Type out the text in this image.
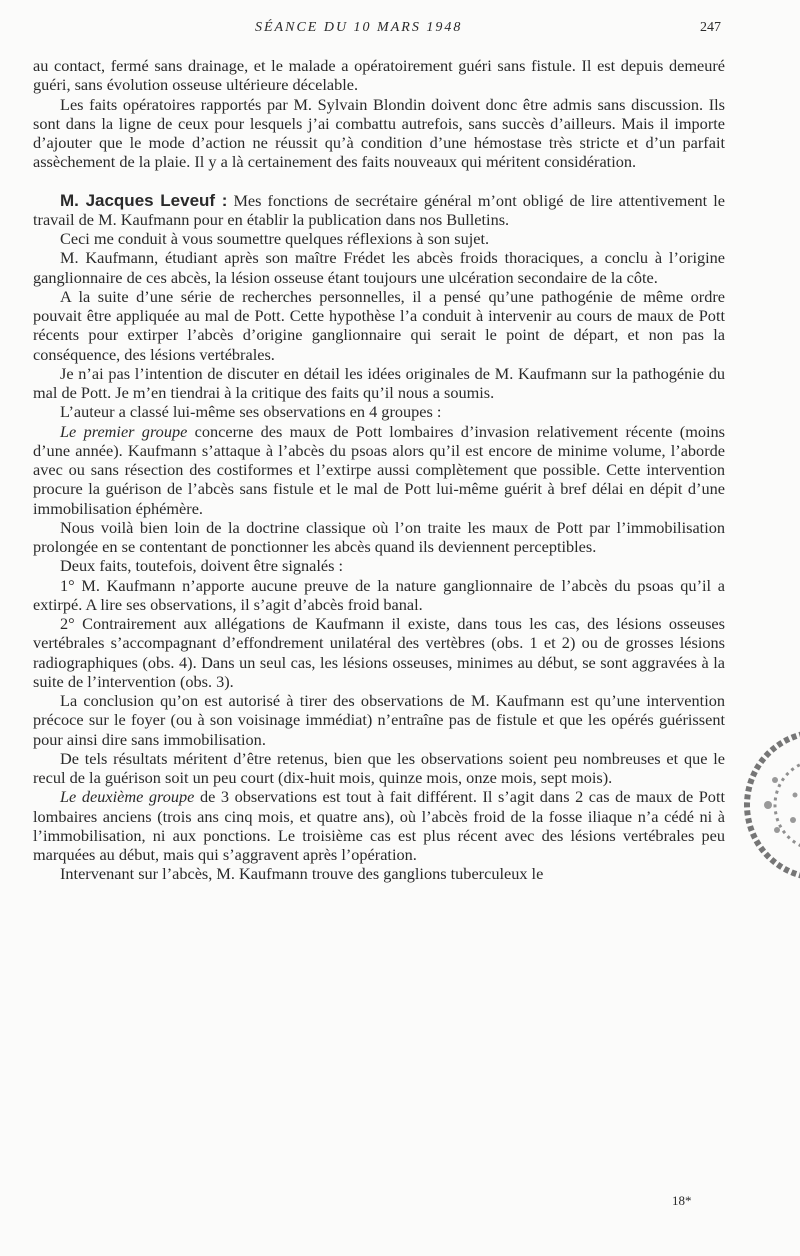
SÉANCE DU 10 MARS 1948	247

au contact, fermé sans drainage, et le malade a opératoirement guéri sans fistule. Il est depuis demeuré guéri, sans évolution osseuse ultérieure décelable.

Les faits opératoires rapportés par M. Sylvain Blondin doivent donc être admis sans discussion. Ils sont dans la ligne de ceux pour lesquels j’ai combattu autrefois, sans succès d’ailleurs. Mais il importe d’ajouter que le mode d’action ne réussit qu’à condition d’une hémostase très stricte et d’un parfait assèchement de la plaie. Il y a là certainement des faits nouveaux qui méritent considération.

M. Jacques Leveuf : Mes fonctions de secrétaire général m’ont obligé de lire attentivement le travail de M. Kaufmann pour en établir la publication dans nos Bulletins.

Ceci me conduit à vous soumettre quelques réflexions à son sujet.

M. Kaufmann, étudiant après son maître Frédet les abcès froids thoraciques, a conclu à l’origine ganglionnaire de ces abcès, la lésion osseuse étant toujours une ulcération secondaire de la côte.

A la suite d’une série de recherches personnelles, il a pensé qu’une pathogénie de même ordre pouvait être appliquée au mal de Pott. Cette hypothèse l’a conduit à intervenir au cours de maux de Pott récents pour extirper l’abcès d’origine ganglionnaire qui serait le point de départ, et non pas la conséquence, des lésions vertébrales.

Je n’ai pas l’intention de discuter en détail les idées originales de M. Kaufmann sur la pathogénie du mal de Pott. Je m’en tiendrai à la critique des faits qu’il nous a soumis.

L’auteur a classé lui-même ses observations en 4 groupes :

Le premier groupe concerne des maux de Pott lombaires d’invasion relativement récente (moins d’une année). Kaufmann s’attaque à l’abcès du psoas alors qu’il est encore de minime volume, l’aborde avec ou sans résection des costiformes et l’extirpe aussi complètement que possible. Cette intervention procure la guérison de l’abcès sans fistule et le mal de Pott lui-même guérit à bref délai en dépit d’une immobilisation éphémère.

Nous voilà bien loin de la doctrine classique où l’on traite les maux de Pott par l’immobilisation prolongée en se contentant de ponctionner les abcès quand ils deviennent perceptibles.

Deux faits, toutefois, doivent être signalés :

1° M. Kaufmann n’apporte aucune preuve de la nature ganglionnaire de l’abcès du psoas qu’il a extirpé. A lire ses observations, il s’agit d’abcès froid banal.

2° Contrairement aux allégations de Kaufmann il existe, dans tous les cas, des lésions osseuses vertébrales s’accompagnant d’effondrement unilatéral des vertèbres (obs. 1 et 2) ou de grosses lésions radiographiques (obs. 4). Dans un seul cas, les lésions osseuses, minimes au début, se sont aggravées à la suite de l’intervention (obs. 3).

La conclusion qu’on est autorisé à tirer des observations de M. Kaufmann est qu’une intervention précoce sur le foyer (ou à son voisinage immédiat) n’entraîne pas de fistule et que les opérés guérissent pour ainsi dire sans immobilisation.

De tels résultats méritent d’être retenus, bien que les observations soient peu nombreuses et que le recul de la guérison soit un peu court (dix-huit mois, quinze mois, onze mois, sept mois).

Le deuxième groupe de 3 observations est tout à fait différent. Il s’agit dans 2 cas de maux de Pott lombaires anciens (trois ans cinq mois, et quatre ans), où l’abcès froid de la fosse iliaque n’a cédé ni à l’immobilisation, ni aux ponctions. Le troisième cas est plus récent avec des lésions vertébrales peu marquées au début, mais qui s’aggravent après l’opération.

Intervenant sur l’abcès, M. Kaufmann trouve des ganglions tuberculeux le

18*
